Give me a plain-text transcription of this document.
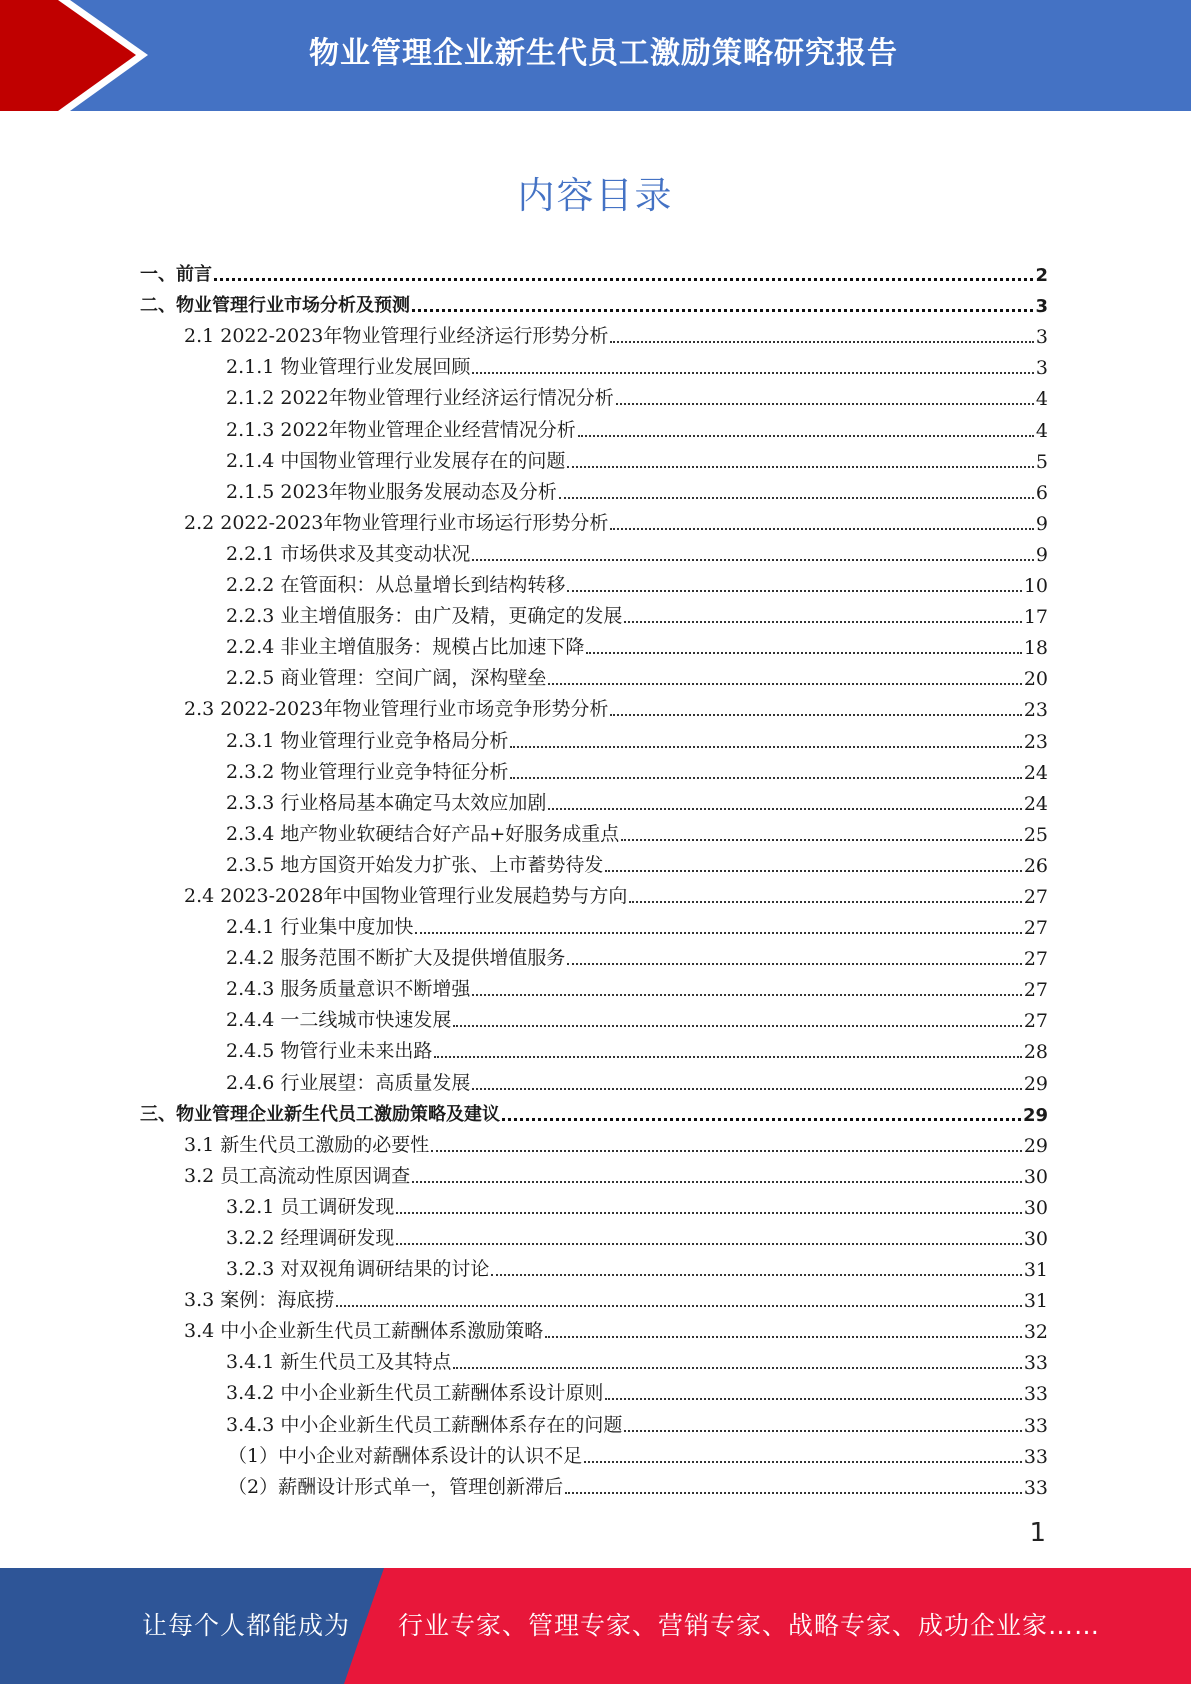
物业管理企业新生代员工激励策略研究报告
内容目录
一、前言	2
二、物业管理行业市场分析及预测	3
2.1 2022-2023年物业管理行业经济运行形势分析	3
2.1.1 物业管理行业发展回顾	3
2.1.2 2022年物业管理行业经济运行情况分析	4
2.1.3 2022年物业管理企业经营情况分析	4
2.1.4 中国物业管理行业发展存在的问题	5
2.1.5 2023年物业服务发展动态及分析	6
2.2 2022-2023年物业管理行业市场运行形势分析	9
2.2.1 市场供求及其变动状况	9
2.2.2 在管面积：从总量增长到结构转移	10
2.2.3 业主增值服务：由广及精，更确定的发展	17
2.2.4 非业主增值服务：规模占比加速下降	18
2.2.5 商业管理：空间广阔，深构壁垒	20
2.3 2022-2023年物业管理行业市场竞争形势分析	23
2.3.1 物业管理行业竞争格局分析	23
2.3.2 物业管理行业竞争特征分析	24
2.3.3 行业格局基本确定马太效应加剧	24
2.3.4 地产物业软硬结合好产品+好服务成重点	25
2.3.5 地方国资开始发力扩张、上市蓄势待发	26
2.4 2023-2028年中国物业管理行业发展趋势与方向	27
2.4.1 行业集中度加快	27
2.4.2 服务范围不断扩大及提供增值服务	27
2.4.3 服务质量意识不断增强	27
2.4.4 一二线城市快速发展	27
2.4.5 物管行业未来出路	28
2.4.6 行业展望：高质量发展	29
三、物业管理企业新生代员工激励策略及建议	29
3.1 新生代员工激励的必要性	29
3.2 员工高流动性原因调查	30
3.2.1 员工调研发现	30
3.2.2 经理调研发现	30
3.2.3 对双视角调研结果的讨论	31
3.3 案例：海底捞	31
3.4 中小企业新生代员工薪酬体系激励策略	32
3.4.1 新生代员工及其特点	33
3.4.2 中小企业新生代员工薪酬体系设计原则	33
3.4.3 中小企业新生代员工薪酬体系存在的问题	33
（1）中小企业对薪酬体系设计的认识不足	33
（2）薪酬设计形式单一，管理创新滞后	33
1
让每个人都能成为 行业专家、管理专家、营销专家、战略专家、成功企业家……
